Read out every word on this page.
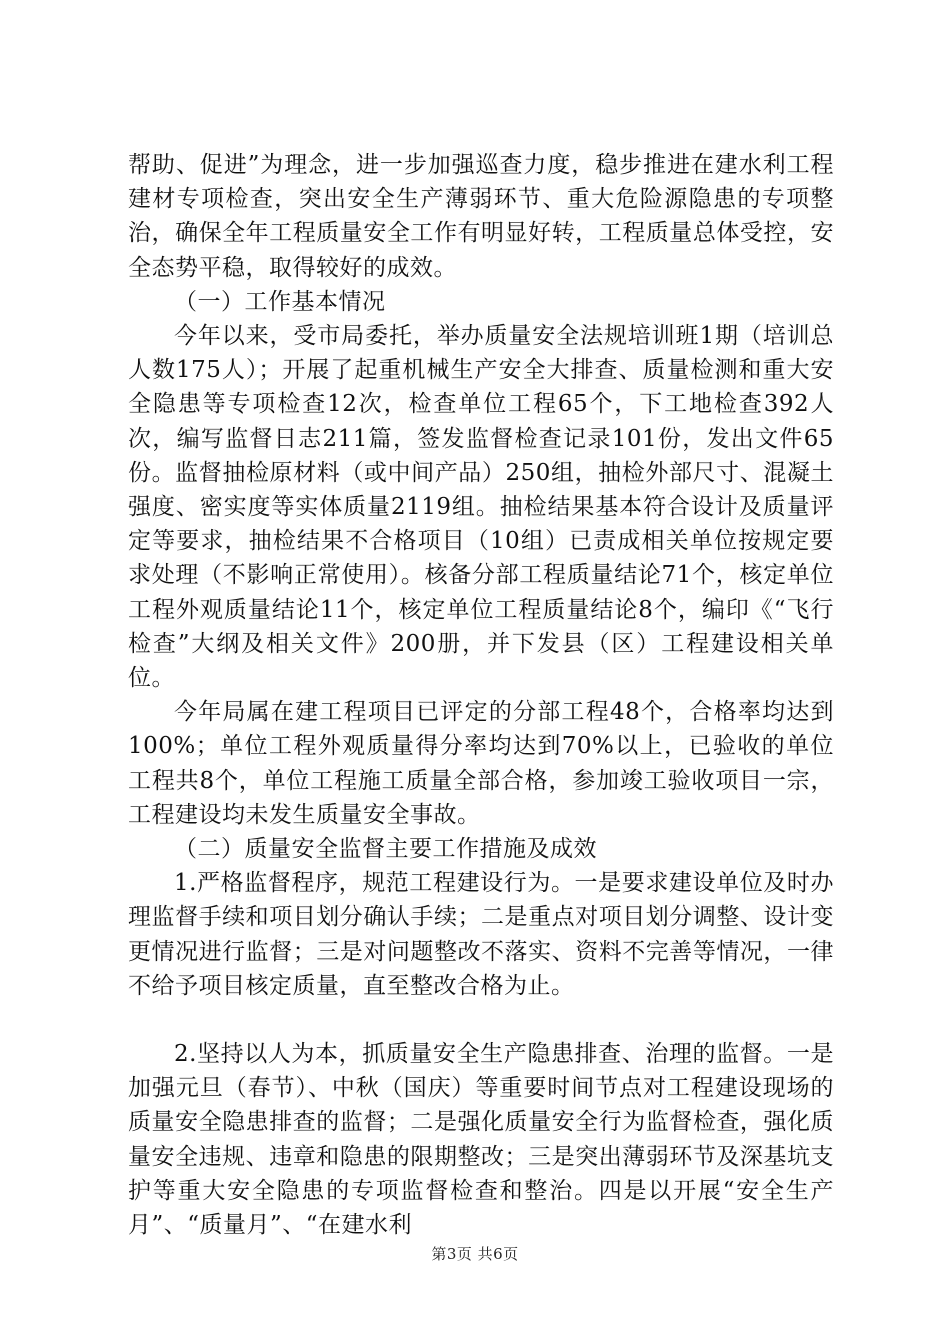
帮助、促进”为理念，进一步加强巡查力度，稳步推进在建水利工程建材专项检查，突出安全生产薄弱环节、重大危险源隐患的专项整治，确保全年工程质量安全工作有明显好转，工程质量总体受控，安全态势平稳，取得较好的成效。

（一）工作基本情况

今年以来，受市局委托，举办质量安全法规培训班1期（培训总人数175人）；开展了起重机械生产安全大排查、质量检测和重大安全隐患等专项检查12次，检查单位工程65个，下工地检查392人次，编写监督日志211篇，签发监督检查记录101份，发出文件65份。监督抽检原材料（或中间产品）250组，抽检外部尺寸、混凝土强度、密实度等实体质量2119组。抽检结果基本符合设计及质量评定等要求，抽检结果不合格项目（10组）已责成相关单位按规定要求处理（不影响正常使用）。核备分部工程质量结论71个，核定单位工程外观质量结论11个，核定单位工程质量结论8个，编印《“飞行检查”大纲及相关文件》200册，并下发县（区）工程建设相关单位。

今年局属在建工程项目已评定的分部工程48个，合格率均达到100%；单位工程外观质量得分率均达到70%以上，已验收的单位工程共8个，单位工程施工质量全部合格，参加竣工验收项目一宗，工程建设均未发生质量安全事故。

（二）质量安全监督主要工作措施及成效

1.严格监督程序，规范工程建设行为。一是要求建设单位及时办理监督手续和项目划分确认手续；二是重点对项目划分调整、设计变更情况进行监督；三是对问题整改不落实、资料不完善等情况，一律不给予项目核定质量，直至整改合格为止。

2.坚持以人为本，抓质量安全生产隐患排查、治理的监督。一是加强元旦（春节）、中秋（国庆）等重要时间节点对工程建设现场的质量安全隐患排查的监督；二是强化质量安全行为监督检查，强化质量安全违规、违章和隐患的限期整改；三是突出薄弱环节及深基坑支护等重大安全隐患的专项监督检查和整治。四是以开展“安全生产月”、“质量月”、“在建水利

第3页 共6页
